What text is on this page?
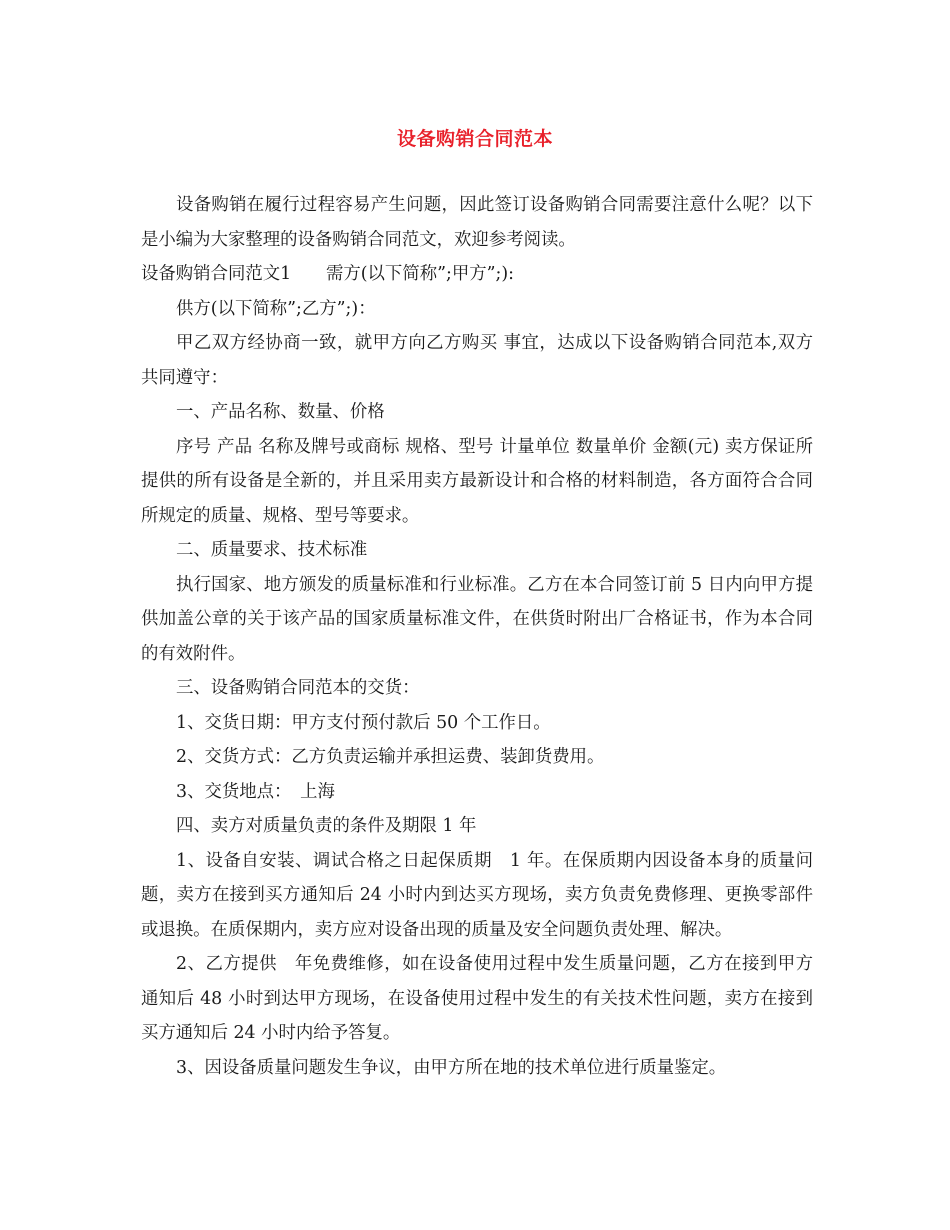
设备购销合同范本

设备购销在履行过程容易产生问题，因此签订设备购销合同需要注意什么呢？以下是小编为大家整理的设备购销合同范文，欢迎参考阅读。

设备购销合同范文1　　需方(以下简称”;甲方”;):

供方(以下简称”;乙方”;)：

甲乙双方经协商一致，就甲方向乙方购买 事宜，达成以下设备购销合同范本,双方共同遵守：

一、产品名称、数量、价格

序号 产品 名称及牌号或商标 规格、型号 计量单位 数量单价 金额(元) 卖方保证所提供的所有设备是全新的，并且采用卖方最新设计和合格的材料制造，各方面符合合同所规定的质量、规格、型号等要求。

二、质量要求、技术标准

执行国家、地方颁发的质量标准和行业标准。乙方在本合同签订前 5 日内向甲方提供加盖公章的关于该产品的国家质量标准文件，在供货时附出厂合格证书，作为本合同的有效附件。

三、设备购销合同范本的交货：

1、交货日期：甲方支付预付款后 50 个工作日。

2、交货方式：乙方负责运输并承担运费、装卸货费用。

3、交货地点：　上海

四、卖方对质量负责的条件及期限 1 年

1、设备自安装、调试合格之日起保质期　1 年。在保质期内因设备本身的质量问题，卖方在接到买方通知后 24 小时内到达买方现场，卖方负责免费修理、更换零部件或退换。在质保期内，卖方应对设备出现的质量及安全问题负责处理、解决。

2、乙方提供　年免费维修，如在设备使用过程中发生质量问题，乙方在接到甲方通知后 48 小时到达甲方现场，在设备使用过程中发生的有关技术性问题，卖方在接到买方通知后 24 小时内给予答复。

3、因设备质量问题发生争议，由甲方所在地的技术单位进行质量鉴定。
